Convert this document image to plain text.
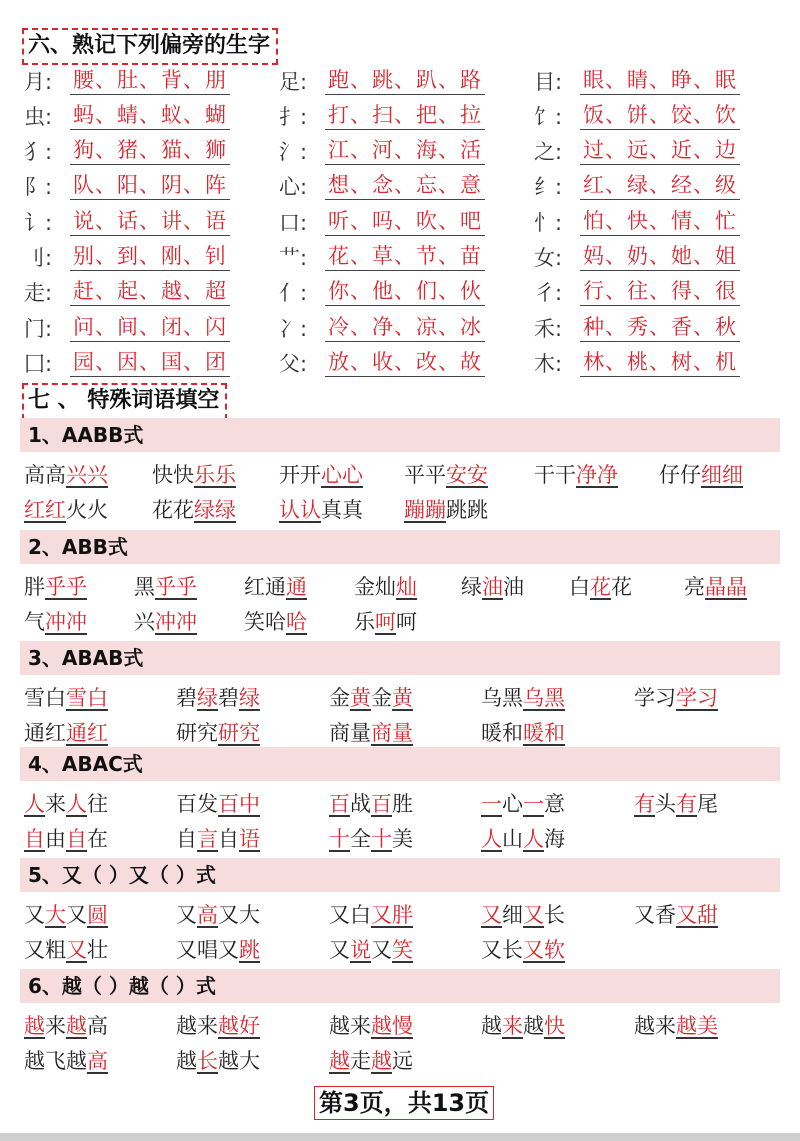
六、熟记下列偏旁的生字
月: 腰、肚、背、朋 足: 跑、跳、趴、路 目: 眼、睛、睁、眠
虫: 蚂、蜻、蚁、蝴 扌: 打、扫、把、拉 饣: 饭、饼、饺、饮
犭: 狗、猪、猫、狮 氵: 江、河、海、活 之: 过、远、近、边
阝: 队、阳、阴、阵 心: 想、念、忘、意 纟: 红、绿、经、级
讠: 说、话、讲、语 口: 听、吗、吹、吧 忄: 怕、快、情、忙
刂: 别、到、刚、钊 艹: 花、草、节、苗 女: 妈、奶、她、姐
走: 赶、起、越、超 亻: 你、他、们、伙 彳: 行、往、得、很
门: 问、间、闭、闪 冫: 冷、净、凉、冰 禾: 种、秀、香、秋
囗: 园、因、国、团 父: 放、收、改、故 木: 林、桃、树、机
七 、 特殊词语填空
1、AABB式
高高兴兴 快快乐乐 开开心心 平平安安 干干净净 仔仔细细
红红火火 花花绿绿 认认真真 蹦蹦跳跳
2、ABB式
胖乎乎 黑乎乎 红通通 金灿灿 绿油油 白花花 亮晶晶
气冲冲 兴冲冲 笑哈哈 乐呵呵
3、ABAB式
雪白雪白	碧绿碧绿	金黄金黄	乌黑乌黑	学习学习
通红通红	研究研究	商量商量	暖和暖和
4、ABAC式
人来人往	百发百中	百战百胜	一心一意	有头有尾
自由自在	自言自语	十全十美	人山人海
5、又（ ）又（ ）式
又大又圆	又高又大	又白又胖	又细又长	又香又甜
又粗又壮	又唱又跳	又说又笑	又长又软
6、越（ ）越（ ）式
越来越高	越来越好	越来越慢	越来越快	越来越美
越飞越高	越长越大	越走越远
第3页，共13页
